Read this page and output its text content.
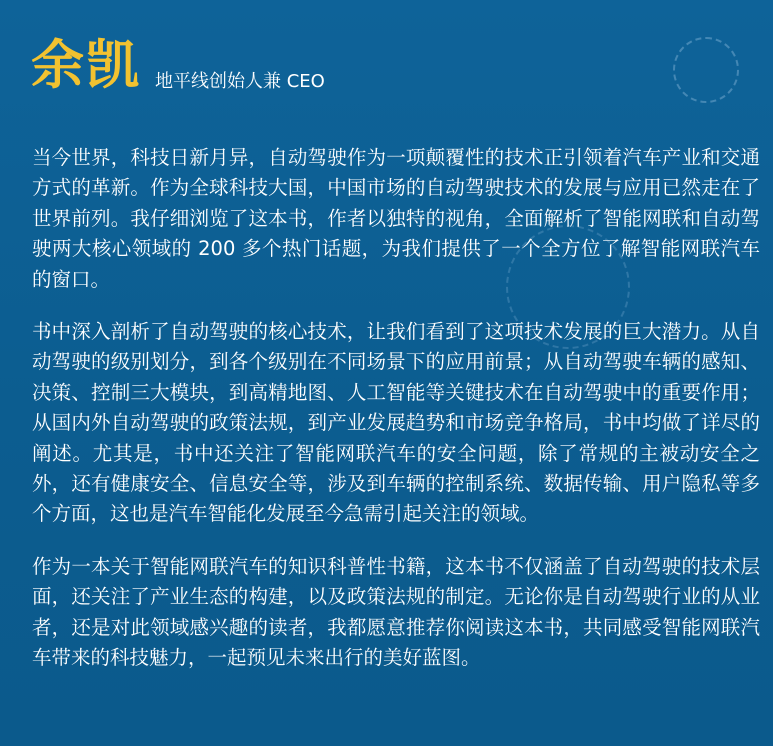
余凯 地平线创始人兼 CEO

当今世界，科技日新月异，自动驾驶作为一项颠覆性的技术正引领着汽车产业和交通方式的革新。作为全球科技大国，中国市场的自动驾驶技术的发展与应用已然走在了世界前列。我仔细浏览了这本书，作者以独特的视角，全面解析了智能网联和自动驾驶两大核心领域的 200 多个热门话题，为我们提供了一个全方位了解智能网联汽车的窗口。

书中深入剖析了自动驾驶的核心技术，让我们看到了这项技术发展的巨大潜力。从自动驾驶的级别划分，到各个级别在不同场景下的应用前景；从自动驾驶车辆的感知、决策、控制三大模块，到高精地图、人工智能等关键技术在自动驾驶中的重要作用；从国内外自动驾驶的政策法规，到产业发展趋势和市场竞争格局，书中均做了详尽的阐述。尤其是，书中还关注了智能网联汽车的安全问题，除了常规的主被动安全之外，还有健康安全、信息安全等，涉及到车辆的控制系统、数据传输、用户隐私等多个方面，这也是汽车智能化发展至今急需引起关注的领域。

作为一本关于智能网联汽车的知识科普性书籍，这本书不仅涵盖了自动驾驶的技术层面，还关注了产业生态的构建，以及政策法规的制定。无论你是自动驾驶行业的从业者，还是对此领域感兴趣的读者，我都愿意推荐你阅读这本书，共同感受智能网联汽车带来的科技魅力，一起预见未来出行的美好蓝图。
